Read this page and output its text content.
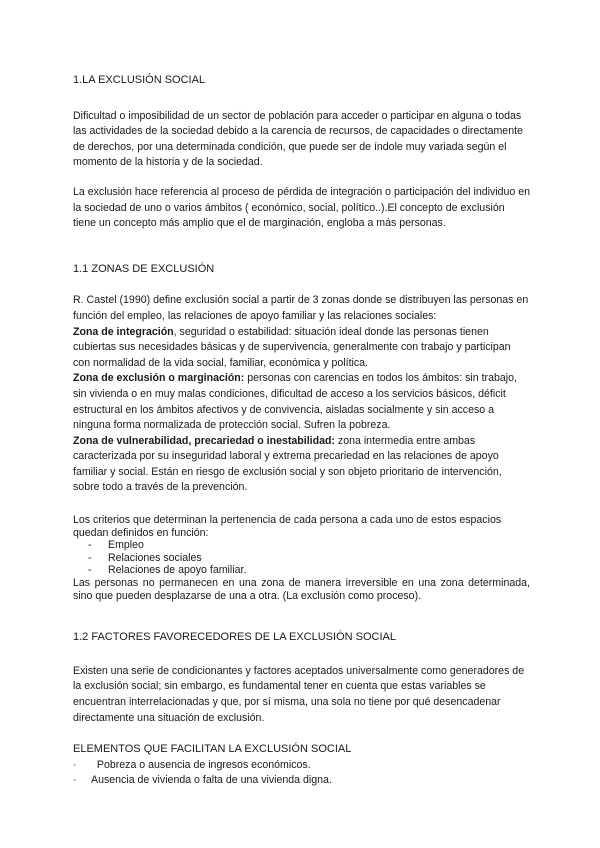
1.LA EXCLUSIÓN SOCIAL

Dificultad o imposibilidad de un sector de población para acceder o participar en alguna o todas las actividades de la sociedad debido a la carencia de recursos, de capacidades o directamente de derechos, por una determinada condición, que puede ser de índole muy variada según el momento de la historia y de la sociedad.

La exclusión hace referencia al proceso de pérdida de integración o participación del individuo en la sociedad de uno o varios ámbitos ( económico, social, político..).El concepto de exclusión tiene un concepto más amplio que el de marginación, engloba a más personas.

1.1 ZONAS DE EXCLUSIÓN

R. Castel (1990) define exclusión social a partir de 3 zonas donde se distribuyen las personas en función del empleo, las relaciones de apoyo familiar y las relaciones sociales:

Zona de integración, seguridad o estabilidad: situación ideal donde las personas tienen cubiertas sus necesidades básicas y de supervivencia, generalmente con trabajo y participan con normalidad de la vida social, familiar, económica y política.

Zona de exclusión o marginación: personas con carencias en todos los ámbitos: sin trabajo, sin vivienda o en muy malas condiciones, dificultad de acceso a los servicios básicos, déficit estructural en los ámbitos afectivos y de convivencia, aisladas socialmente y sin acceso a ninguna forma normalizada de protección social. Sufren la pobreza.

Zona de vulnerabilidad, precariedad o inestabilidad: zona intermedia entre ambas caracterizada por su inseguridad laboral y extrema precariedad en las relaciones de apoyo familiar y social. Están en riesgo de exclusión social y son objeto prioritario de intervención, sobre todo a través de la prevención.

Los criterios que determinan la pertenencia de cada persona a cada uno de estos espacios quedan definidos en función:

-	Empleo
-	Relaciones sociales
-	Relaciones de apoyo familiar.

Las personas no permanecen en una zona de manera irreversible en una zona determinada, sino que pueden desplazarse de una a otra. (La exclusión como proceso).

1.2 FACTORES FAVORECEDORES DE LA EXCLUSIÓN SOCIAL

Existen una serie de condicionantes y factores aceptados universalmente como generadores de la exclusión social; sin embargo, es fundamental tener en cuenta que estas variables se encuentran interrelacionadas y que, por sí misma, una sola no tiene por qué desencadenar directamente una situación de exclusión.

ELEMENTOS QUE FACILITAN LA EXCLUSIÓN SOCIAL
·	Pobreza o ausencia de ingresos económicos.
·	Ausencia de vivienda o falta de una vivienda digna.
